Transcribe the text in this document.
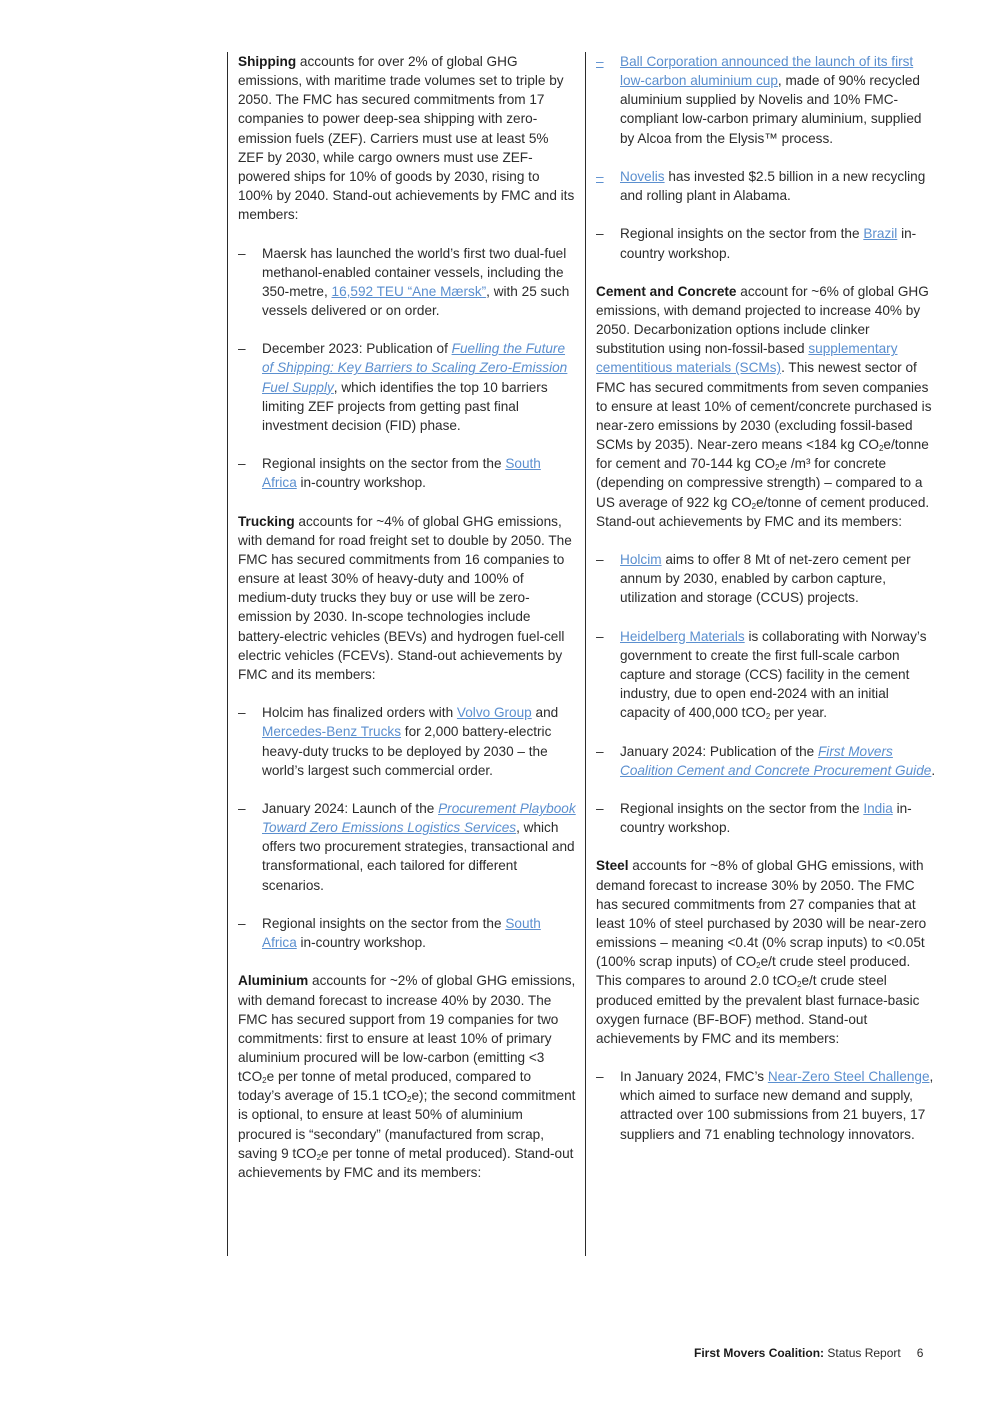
Shipping accounts for over 2% of global GHG emissions, with maritime trade volumes set to triple by 2050. The FMC has secured commitments from 17 companies to power deep-sea shipping with zero-emission fuels (ZEF). Carriers must use at least 5% ZEF by 2030, while cargo owners must use ZEF-powered ships for 10% of goods by 2030, rising to 100% by 2040. Stand-out achievements by FMC and its members:

– Maersk has launched the world’s first two dual-fuel methanol-enabled container vessels, including the 350-metre, 16,592 TEU “Ane Mærsk”, with 25 such vessels delivered or on order.
– December 2023: Publication of Fuelling the Future of Shipping: Key Barriers to Scaling Zero-Emission Fuel Supply, which identifies the top 10 barriers limiting ZEF projects from getting past final investment decision (FID) phase.
– Regional insights on the sector from the South Africa in-country workshop.

Trucking accounts for ~4% of global GHG emissions, with demand for road freight set to double by 2050. The FMC has secured commitments from 16 companies to ensure at least 30% of heavy-duty and 100% of medium-duty trucks they buy or use will be zero-emission by 2030. In-scope technologies include battery-electric vehicles (BEVs) and hydrogen fuel-cell electric vehicles (FCEVs). Stand-out achievements by FMC and its members:

– Holcim has finalized orders with Volvo Group and Mercedes-Benz Trucks for 2,000 battery-electric heavy-duty trucks to be deployed by 2030 – the world’s largest such commercial order.
– January 2024: Launch of the Procurement Playbook Toward Zero Emissions Logistics Services, which offers two procurement strategies, transactional and transformational, each tailored for different scenarios.
– Regional insights on the sector from the South Africa in-country workshop.

Aluminium accounts for ~2% of global GHG emissions, with demand forecast to increase 40% by 2030. The FMC has secured support from 19 companies for two commitments: first to ensure at least 10% of primary aluminium procured will be low-carbon (emitting <3 tCO$_2$e per tonne of metal produced, compared to today’s average of 15.1 tCO$_2$e); the second commitment is optional, to ensure at least 50% of aluminium procured is “secondary” (manufactured from scrap, saving 9 tCO$_2$e per tonne of metal produced). Stand-out achievements by FMC and its members:

– Ball Corporation announced the launch of its first low-carbon aluminium cup, made of 90% recycled aluminium supplied by Novelis and 10% FMC-compliant low-carbon primary aluminium, supplied by Alcoa from the Elysis™ process.
– Novelis has invested $2.5 billion in a new recycling and rolling plant in Alabama.
– Regional insights on the sector from the Brazil in-country workshop.

Cement and Concrete account for ~6% of global GHG emissions, with demand projected to increase 40% by 2050. Decarbonization options include clinker substitution using non-fossil-based supplementary cementitious materials (SCMs). This newest sector of FMC has secured commitments from seven companies to ensure at least 10% of cement/concrete purchased is near-zero emissions by 2030 (excluding fossil-based SCMs by 2035). Near-zero means <184 kg $CO_2e$/tonne for cement and 70-144 kg $CO_2e$ /m³ for concrete (depending on compressive strength) – compared to a US average of 922 kg $CO_2e$/tonne of cement produced. Stand-out achievements by FMC and its members:

– Holcim aims to offer 8 Mt of net-zero cement per annum by 2030, enabled by carbon capture, utilization and storage (CCUS) projects.
– Heidelberg Materials is collaborating with Norway’s government to create the first full-scale carbon capture and storage (CCS) facility in the cement industry, due to open end-2024 with an initial capacity of 400,000 tCO$_2$ per year.
– January 2024: Publication of the First Movers Coalition Cement and Concrete Procurement Guide.
– Regional insights on the sector from the India in-country workshop.

Steel accounts for ~8% of global GHG emissions, with demand forecast to increase 30% by 2050. The FMC has secured commitments from 27 companies that at least 10% of steel purchased by 2030 will be near-zero emissions – meaning <0.4t (0% scrap inputs) to <0.05t (100% scrap inputs) of $CO_2e/t$ crude steel produced. This compares to around 2.0 tCO$_2$e/t crude steel produced emitted by the prevalent blast furnace-basic oxygen furnace (BF-BOF) method. Stand-out achievements by FMC and its members:

– In January 2024, FMC’s Near-Zero Steel Challenge, which aimed to surface new demand and supply, attracted over 100 submissions from 21 buyers, 17 suppliers and 71 enabling technology innovators.
First Movers Coalition: Status Report 6
